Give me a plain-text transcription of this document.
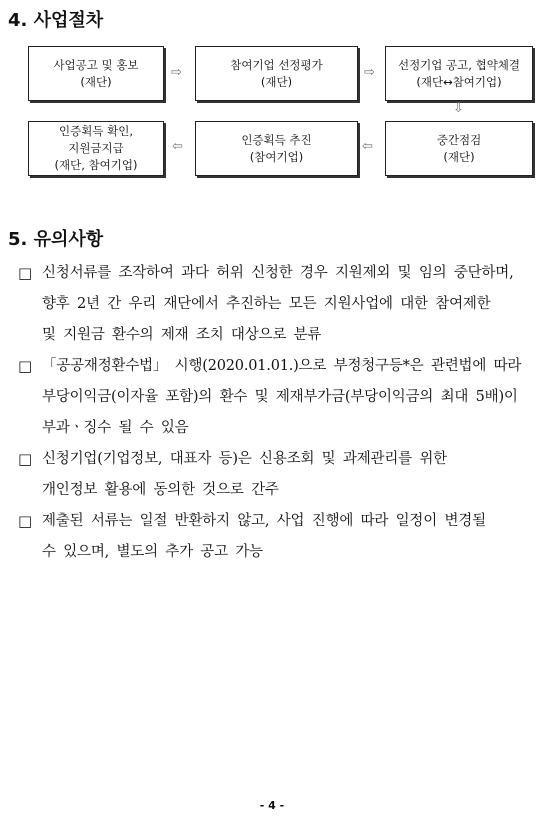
4. 사업절차
사업공고 및 홍보
(재단)
⇨
참여기업 선정평가
(재단)
⇨
선정기업 공고, 협약체결
(재단↔참여기업)
⇩
중간점검
(재단)
⇦
인증획득 추진
(참여기업)
⇦
인증획득 확인,
지원금지급
(재단, 참여기업)
5. 유의사항
□ 신청서류를 조작하여 과다 허위 신청한 경우 지원제외 및 임의 중단하며,
향후 2년 간 우리 재단에서 추진하는 모든 지원사업에 대한 참여제한
및 지원금 환수의 제재 조치 대상으로 분류
□ 「공공재정환수법」 시행(2020.01.01.)으로 부정청구등*은 관련법에 따라
부당이익금(이자율 포함)의 환수 및 제재부가금(부당이익금의 최대 5배)이
부과ㆍ징수 될 수 있음
□ 신청기업(기업정보, 대표자 등)은 신용조회 및 과제관리를 위한
개인정보 활용에 동의한 것으로 간주
□ 제출된 서류는 일절 반환하지 않고, 사업 진행에 따라 일정이 변경될
수 있으며, 별도의 추가 공고 가능
- 4 -
